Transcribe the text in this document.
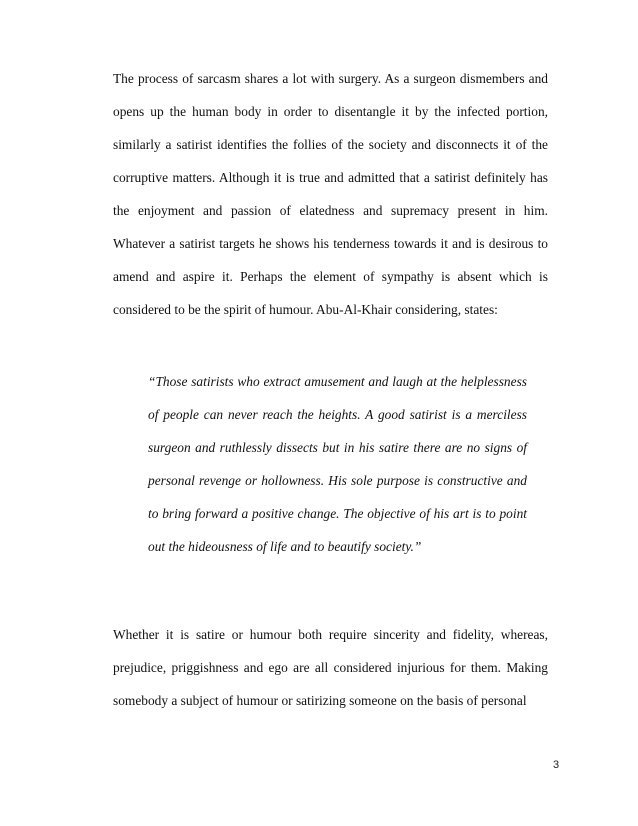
The process of sarcasm shares a lot with surgery. As a surgeon dismembers and opens up the human body in order to disentangle it by the infected portion, similarly a satirist identifies the follies of the society and disconnects it of the corruptive matters. Although it is true and admitted that a satirist definitely has the enjoyment and passion of elatedness and supremacy present in him. Whatever a satirist targets he shows his tenderness towards it and is desirous to amend and aspire it. Perhaps the element of sympathy is absent which is considered to be the spirit of humour. Abu-Al-Khair considering, states:

“Those satirists who extract amusement and laugh at the helplessness of people can never reach the heights. A good satirist is a merciless surgeon and ruthlessly dissects but in his satire there are no signs of personal revenge or hollowness. His sole purpose is constructive and to bring forward a positive change. The objective of his art is to point out the hideousness of life and to beautify society.”

Whether it is satire or humour both require sincerity and fidelity, whereas, prejudice, priggishness and ego are all considered injurious for them. Making somebody a subject of humour or satirizing someone on the basis of personal

3
